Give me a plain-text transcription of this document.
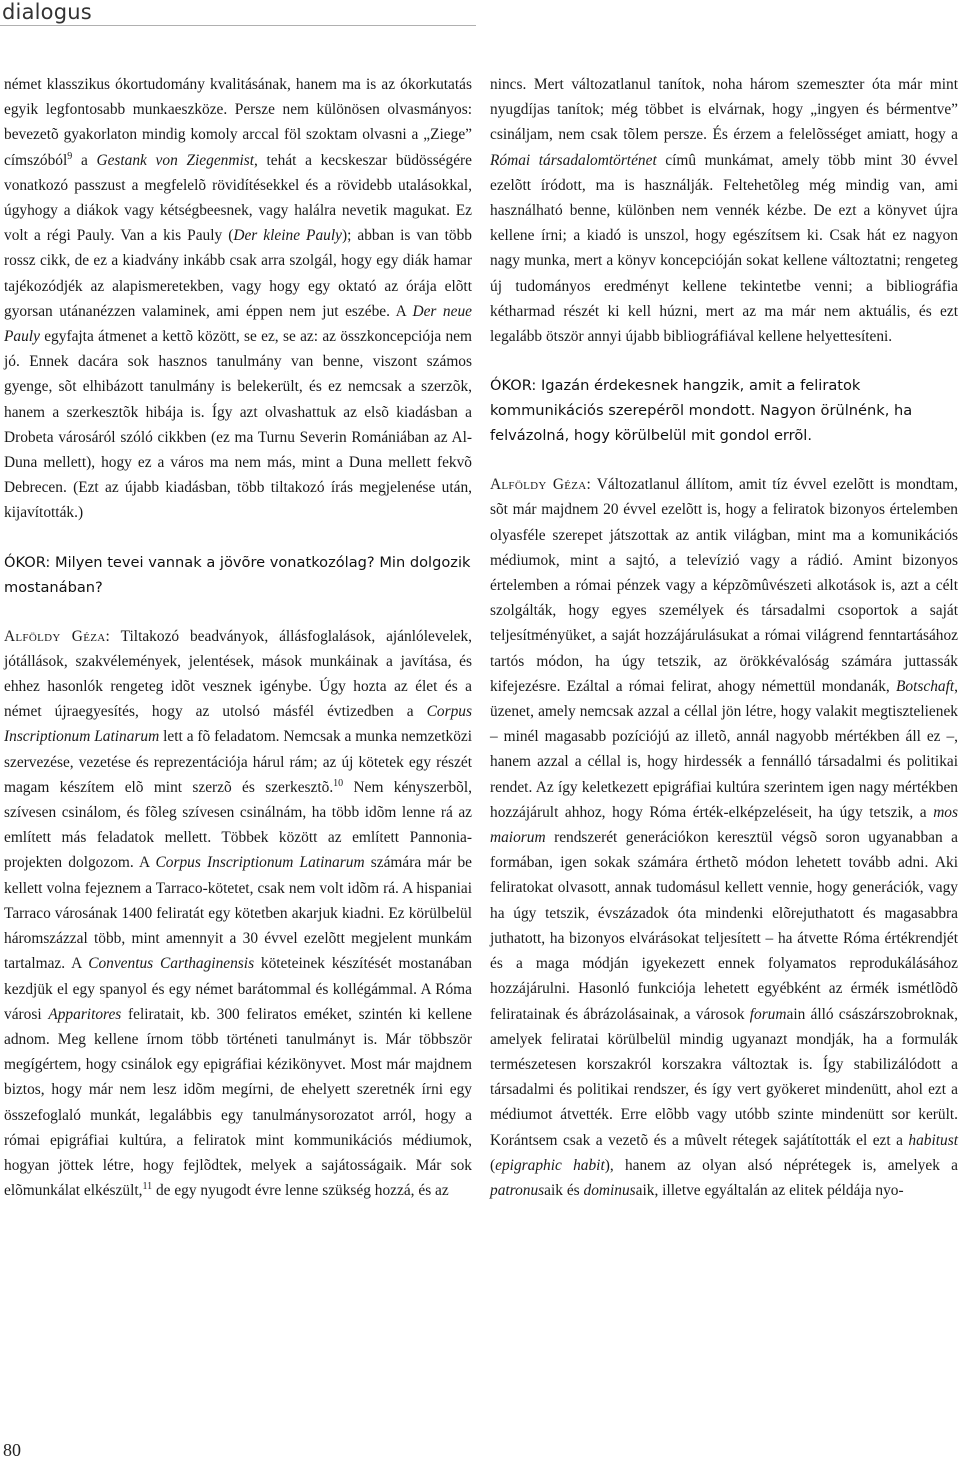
dialogus

német klasszikus ókortudomány kvalitásának, hanem ma is az ókorkutatás egyik legfontosabb munkaeszköze. Persze nem különösen olvasmányos: bevezetõ gyakorlaton mindig komoly arccal föl szoktam olvasni a „Ziege” címszóból$^9$ a Gestank von Ziegenmist, tehát a kecskeszar büdösségére vonatkozó passzust a megfelelõ rövidítésekkel és a rövidebb utalásokkal, úgyhogy a diákok vagy kétségbeesnek, vagy halálra nevetik magukat. Ez volt a régi Pauly. Van a kis Pauly (Der kleine Pauly); abban is van több rossz cikk, de ez a kiadvány inkább csak arra szolgál, hogy egy diák hamar tajékozódjék az alapismeretekben, vagy hogy egy oktató az órája elõtt gyorsan utánanézzen valaminek, ami éppen nem jut eszébe. A Der neue Pauly egyfajta átmenet a kettõ között, se ez, se az: az összkoncepciója nem jó. Ennek dacára sok hasznos tanulmány van benne, viszont számos gyenge, sõt elhibázott tanulmány is belekerült, és ez nemcsak a szerzõk, hanem a szerkesztõk hibája is. Így azt olvashattuk az elsõ kiadásban a Drobeta városáról szóló cikkben (ez ma Turnu Severin Romániában az Al-Duna mellett), hogy ez a város ma nem más, mint a Duna mellett fekvõ Debrecen. (Ezt az újabb kiadásban, több tiltakozó írás megjelenése után, kijavították.)

ÓKOR: Milyen tevei vannak a jövõre vonatkozólag? Min dolgozik mostanában?

Alföldy Géza: Tiltakozó beadványok, állásfoglalások, ajánlólevelek, jótállások, szakvélemények, jelentések, mások munkáinak a javítása, és ehhez hasonlók rengeteg idõt vesznek igénybe. Úgy hozta az élet és a német újraegyesítés, hogy az utolsó másfél évtizedben a Corpus Inscriptionum Latinarum lett a fõ feladatom. Nemcsak a munka nemzetközi szervezése, vezetése és reprezentációja hárul rám; az új kötetek egy részét magam készítem elõ mint szerzõ és szerkesztõ.$^{10}$ Nem kényszerbõl, szívesen csinálom, és fõleg szívesen csinálnám, ha több idõm lenne rá az említett más feladatok mellett. Többek között az említett Pannonia-projekten dolgozom. A Corpus Inscriptionum Latinarum számára már be kellett volna fejeznem a Tarraco-kötetet, csak nem volt idõm rá. A hispaniai Tarraco városának 1400 feliratát egy kötetben akarjuk kiadni. Ez körülbelül háromszázzal több, mint amennyit a 30 évvel ezelõtt megjelent munkám tartalmaz. A Conventus Carthaginensis köteteinek készítését mostanában kezdjük el egy spanyol és egy német barátommal és kollégámmal. A Róma városi Apparitores feliratait, kb. 300 feliratos eméket, szintén ki kellene adnom. Meg kellene írnom több történeti tanulmányt is. Már többször megígértem, hogy csinálok egy epigráfiai kézikönyvet. Most már majdnem biztos, hogy már nem lesz idõm megírni, de ehelyett szeretnék írni egy összefoglaló munkát, legalábbis egy tanulmánysorozatot arról, hogy a római epigráfiai kultúra, a feliratok mint kommunikációs médiumok, hogyan jöttek létre, hogy fejlõdtek, melyek a sajátosságaik. Már sok elõmunkálat elkészült,$^{11}$ de egy nyugodt évre lenne szükség hozzá, és az

nincs. Mert változatlanul tanítok, noha három szemeszter óta már mint nyugdíjas tanítok; még többet is elvárnak, hogy „ingyen és bérmentve” csináljam, nem csak tõlem persze. És érzem a felelõsséget amiatt, hogy a Római társadalomtörténet címû munkámat, amely több mint 30 évvel ezelõtt íródott, ma is használják. Feltehetõleg még mindig van, ami használható benne, különben nem vennék kézbe. De ezt a könyvet újra kellene írni; a kiadó is unszol, hogy egészítsem ki. Csak hát ez nagyon nagy munka, mert a könyv koncepcióján sokat kellene változtatni; rengeteg új tudományos eredményt kellene tekintetbe venni; a bibliográfia kétharmad részét ki kell húzni, mert az ma már nem aktuális, és ezt legalább ötször annyi újabb bibliográfiával kellene helyettesíteni.

ÓKOR: Igazán érdekesnek hangzik, amit a feliratok kommunikációs szerepérõl mondott. Nagyon örülnénk, ha felvázolná, hogy körülbelül mit gondol errõl.

Alföldy Géza: Változatlanul állítom, amit tíz évvel ezelõtt is mondtam, sõt már majdnem 20 évvel ezelõtt is, hogy a feliratok bizonyos értelemben olyasféle szerepet játszottak az antik világban, mint ma a komunikációs médiumok, mint a sajtó, a televízió vagy a rádió. Amint bizonyos értelemben a római pénzek vagy a képzõmûvészeti alkotások is, azt a célt szolgálták, hogy egyes személyek és társadalmi csoportok a saját teljesítményüket, a saját hozzájárulásukat a római világrend fenntartásához tartós módon, ha úgy tetszik, az örökkévalóság számára juttassák kifejezésre. Ezáltal a római felirat, ahogy némettül mondanák, Botschaft, üzenet, amely nemcsak azzal a céllal jön létre, hogy valakit megtisztelienek – minél magasabb pozíciójú az illetõ, annál nagyobb mértékben áll ez –, hanem azzal a céllal is, hogy hirdessék a fennálló társadalmi és politikai rendet. Az így keletkezett epigráfiai kultúra szerintem igen nagy mértékben hozzájárult ahhoz, hogy Róma érték-elképzeléseit, ha úgy tetszik, a mos maiorum rendszerét generációkon keresztül végsõ soron ugyanabban a formában, igen sokak számára érthetõ módon lehetett tovább adni. Aki feliratokat olvasott, annak tudomásul kellett vennie, hogy generációk, vagy ha úgy tetszik, évszázadok óta mindenki elõrejuthatott és magasabbra juthatott, ha bizonyos elvárásokat teljesített – ha átvette Róma értékrendjét és a maga módján igyekezett ennek folyamatos reprodukálásához hozzájárulni. Hasonló funkciója lehetett egyébként az érmék ismétlõdõ feliratainak és ábrázolásainak, a városok forumain álló császárszobroknak, amelyek feliratai körülbelül mindig ugyanazt mondják, ha a formulák természetesen korszakról korszakra változtak is. Így stabilizálódott a társadalmi és politikai rendszer, és így vert gyökeret mindenütt, ahol ezt a médiumot átvették. Erre elõbb vagy utóbb szinte mindenütt sor került. Korántsem csak a vezetõ és a mûvelt rétegek sajátították el ezt a habitust (epigraphic habit), hanem az olyan alsó néprétegek is, amelyek a patronusaik és dominusaik, illetve egyáltalán az elitek példája nyo-

80
